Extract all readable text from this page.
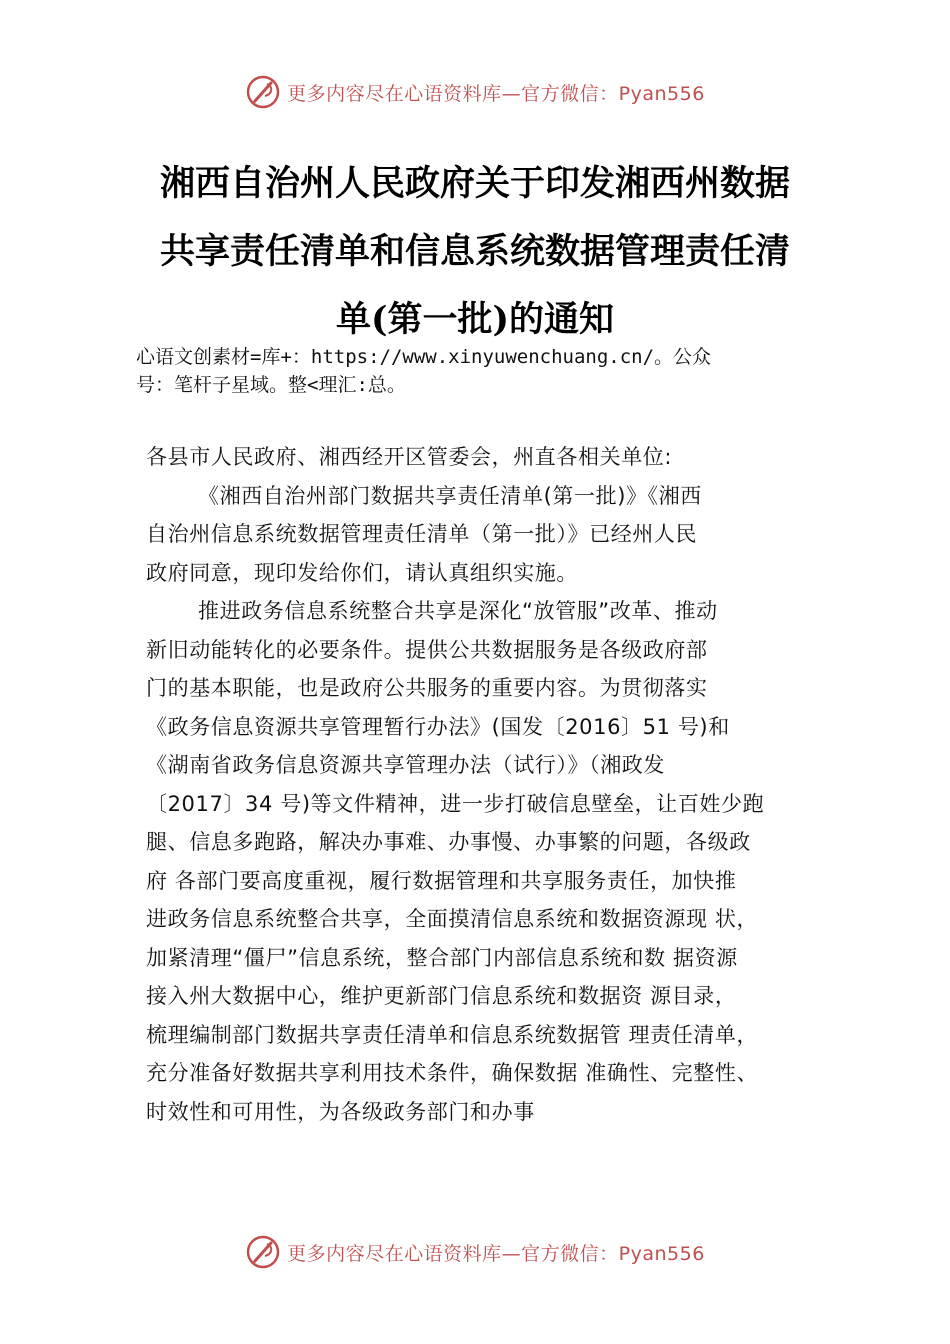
更多内容尽在心语资料库—官方微信：Pyan556
湘西自治州人民政府关于印发湘西州数据
共享责任清单和信息系统数据管理责任清
单(第一批)的通知
心语文创素材=库+：https://www.xinyuwenchuang.cn/。公众
号：笔杆子星域。整<理汇:总。
各县市人民政府、湘西经开区管委会，州直各相关单位:
《湘西自治州部门数据共享责任清单(第一批)》《湘西
自治州信息系统数据管理责任清单（第一批）》已经州人民
政府同意，现印发给你们，请认真组织实施。
推进政务信息系统整合共享是深化“放管服”改革、推动
新旧动能转化的必要条件。提供公共数据服务是各级政府部
门的基本职能，也是政府公共服务的重要内容。为贯彻落实
《政务信息资源共享管理暂行办法》(国发〔2016〕51 号)和
《湖南省政务信息资源共享管理办法（试行）》（湘政发
〔2017〕34 号)等文件精神，进一步打破信息壁垒，让百姓少跑
腿、信息多跑路，解决办事难、办事慢、办事繁的问题，各级政
府 各部门要高度重视，履行数据管理和共享服务责任，加快推
进政务信息系统整合共享，全面摸清信息系统和数据资源现 状，
加紧清理“僵尸”信息系统，整合部门内部信息系统和数 据资源
接入州大数据中心，维护更新部门信息系统和数据资 源目录，
梳理编制部门数据共享责任清单和信息系统数据管 理责任清单，
充分准备好数据共享利用技术条件，确保数据 准确性、完整性、
时效性和可用性，为各级政务部门和办事
更多内容尽在心语资料库—官方微信：Pyan556
